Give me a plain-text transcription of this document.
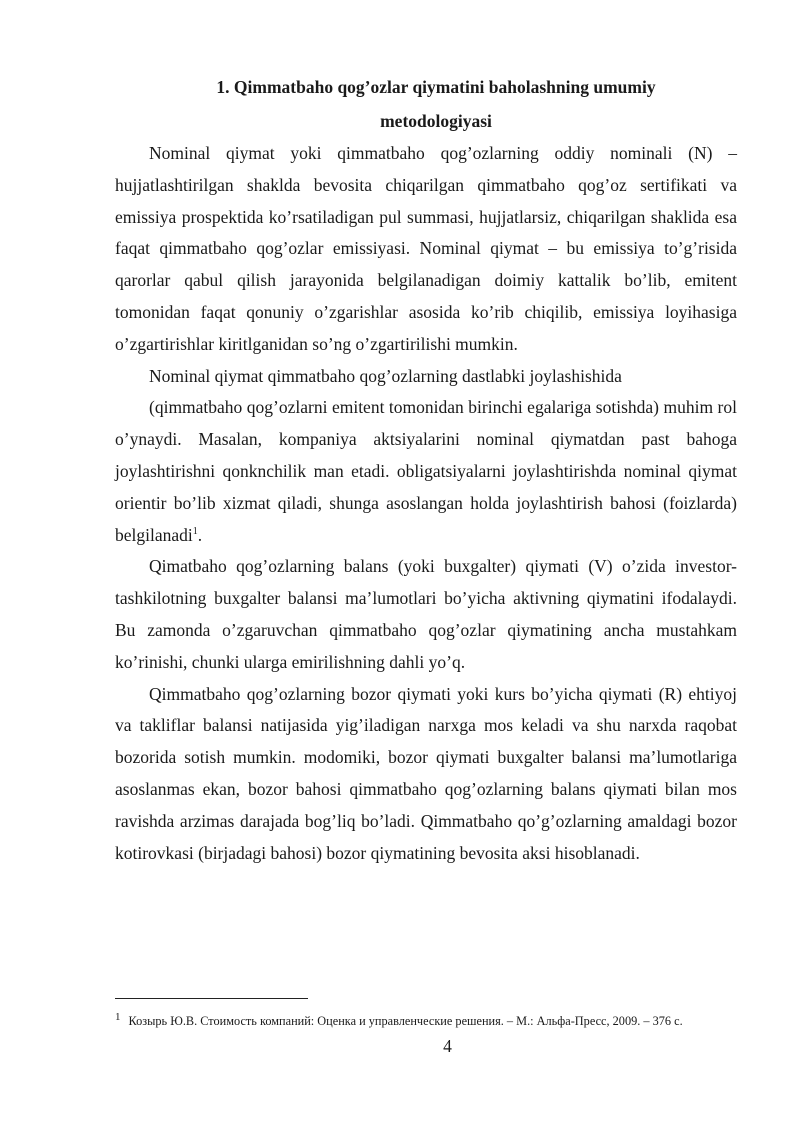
1. Qimmatbaho qog’ozlar qiymatini baholashning umumiy
metodologiyasi

Nominal qiymat yoki qimmatbaho qog’ozlarning oddiy nominali (N) – hujjatlashtirilgan shaklda bevosita chiqarilgan qimmatbaho qog’oz sertifikati va emissiya prospektida ko’rsatiladigan pul summasi, hujjatlarsiz, chiqarilgan shaklida esa faqat qimmatbaho qog’ozlar emissiyasi. Nominal qiymat – bu emissiya to’g’risida qarorlar qabul qilish jarayonida belgilanadigan doimiy kattalik bo’lib, emitent tomonidan faqat qonuniy o’zgarishlar asosida ko’rib chiqilib, emissiya loyihasiga o’zgartirishlar kiritlganidan so’ng o’zgartirilishi mumkin.

Nominal qiymat qimmatbaho qog’ozlarning dastlabki joylashishida

(qimmatbaho qog’ozlarni emitent tomonidan birinchi egalariga sotishda) muhim rol o’ynaydi. Masalan, kompaniya aktsiyalarini nominal qiymatdan past bahoga joylashtirishni qonknchilik man etadi. obligatsiyalarni joylashtirishda nominal qiymat orientir bo’lib xizmat qiladi, shunga asoslangan holda joylashtirish bahosi (foizlarda) belgilanadi$^1$.

Qimatbaho qog’ozlarning balans (yoki buxgalter) qiymati (V) o’zida investor-tashkilotning buxgalter balansi ma’lumotlari bo’yicha aktivning qiymatini ifodalaydi. Bu zamonda o’zgaruvchan qimmatbaho qog’ozlar qiymatining ancha mustahkam ko’rinishi, chunki ularga emirilishning dahli yo’q.

Qimmatbaho qog’ozlarning bozor qiymati yoki kurs bo’yicha qiymati (R) ehtiyoj va takliflar balansi natijasida yig’iladigan narxga mos keladi va shu narxda raqobat bozorida sotish mumkin. modomiki, bozor qiymati buxgalter balansi ma’lumotlariga asoslanmas ekan, bozor bahosi qimmatbaho qog’ozlarning balans qiymati bilan mos ravishda arzimas darajada bog’liq bo’ladi. Qimmatbaho qo’g’ozlarning amaldagi bozor kotirovkasi (birjadagi bahosi) bozor qiymatining bevosita aksi hisoblanadi.

1 Козырь Ю.В. Стоимость компаний: Оценка и управленческие решения. – М.: Альфа-Пресс, 2009. – 376 с.
4
